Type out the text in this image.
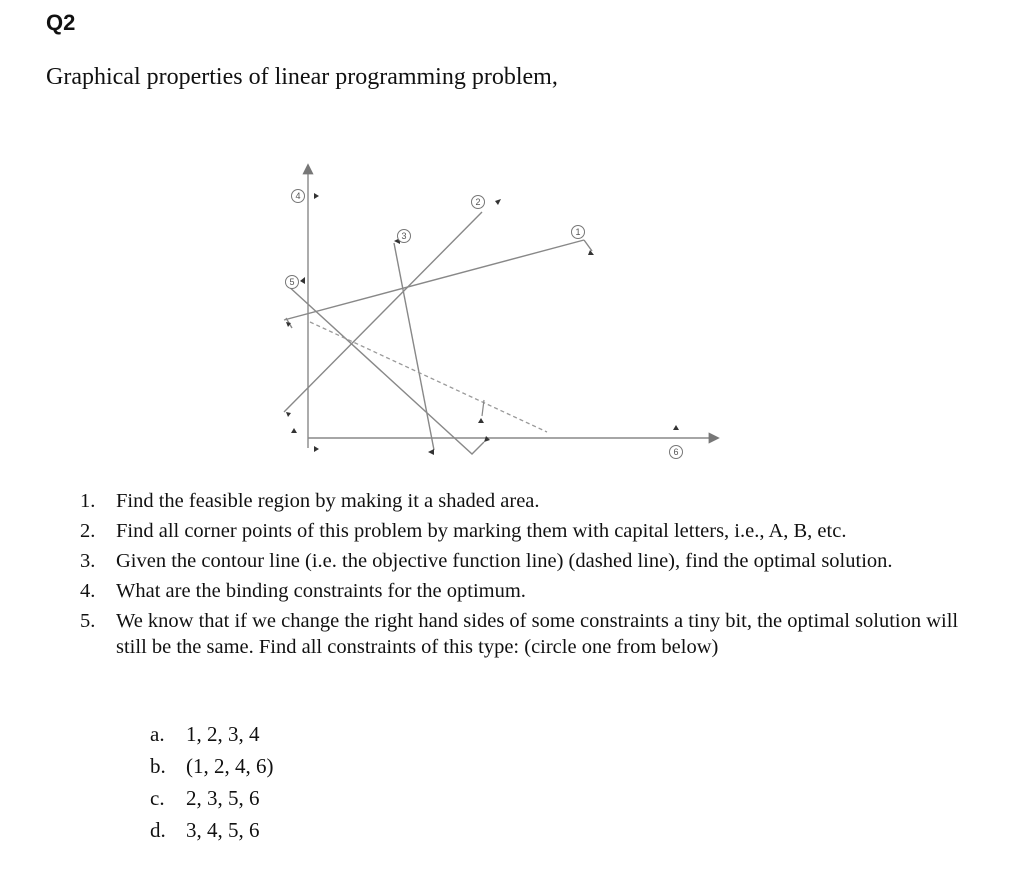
Q2
Graphical properties of linear programming problem,
4
3
2
1
5
6
1. Find the feasible region by making it a shaded area.
2. Find all corner points of this problem by marking them with capital letters, i.e., A, B, etc.
3. Given the contour line (i.e. the objective function line) (dashed line), find the optimal solution.
4. What are the binding constraints for the optimum.
5. We know that if we change the right hand sides of some constraints a tiny bit, the optimal solution will still be the same. Find all constraints of this type: (circle one from below)
a. 1, 2, 3, 4
b. (1, 2, 4, 6)
c. 2, 3, 5, 6
d. 3, 4, 5, 6
